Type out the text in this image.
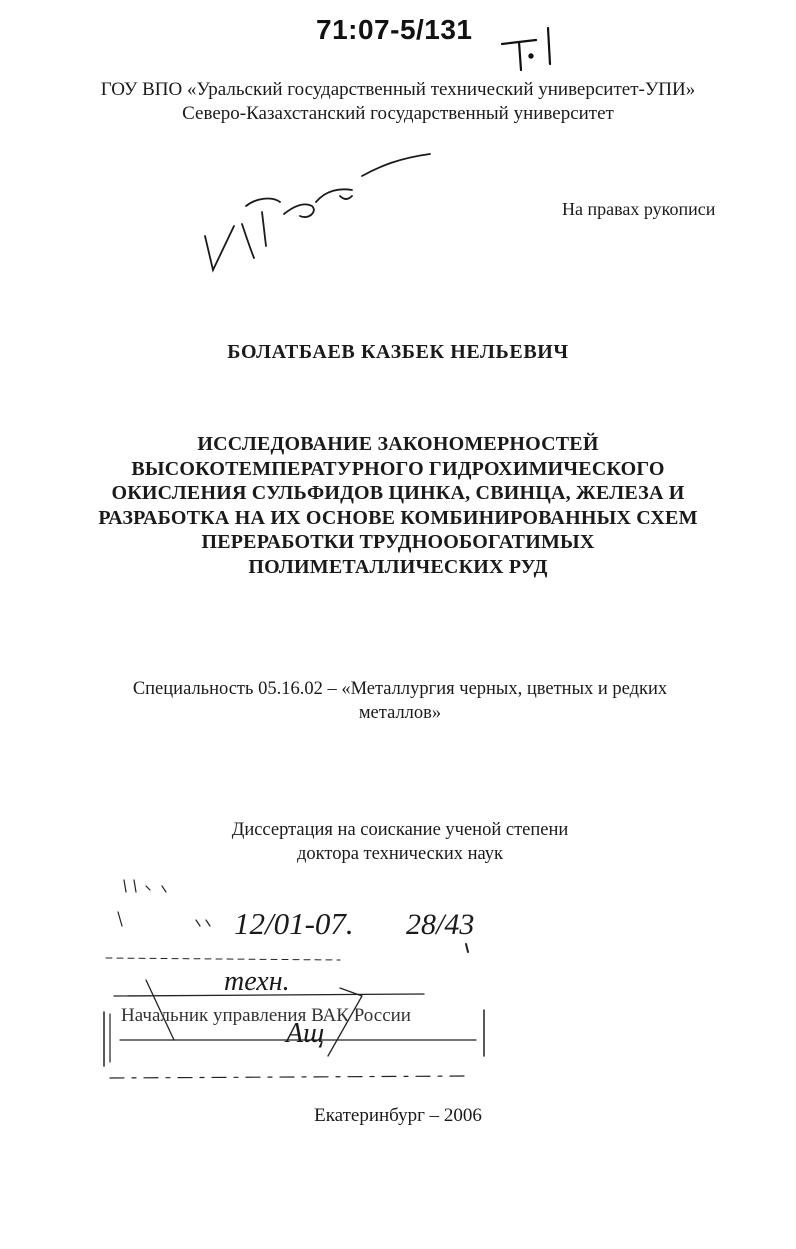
71:07-5/131
ГОУ ВПО «Уральский государственный технический университет-УПИ»
Северо-Казахстанский государственный университет
На правах рукописи
БОЛАТБАЕВ КАЗБЕК НЕЛЬЕВИЧ
ИССЛЕДОВАНИЕ ЗАКОНОМЕРНОСТЕЙ
ВЫСОКОТЕМПЕРАТУРНОГО ГИДРОХИМИЧЕСКОГО
ОКИСЛЕНИЯ СУЛЬФИДОВ ЦИНКА, СВИНЦА, ЖЕЛЕЗА И
РАЗРАБОТКА НА ИХ ОСНОВЕ КОМБИНИРОВАННЫХ СХЕМ
ПЕРЕРАБОТКИ ТРУДНООБОГАТИМЫХ
ПОЛИМЕТАЛЛИЧЕСКИХ РУД
Специальность 05.16.02 – «Металлургия черных, цветных и редких
металлов»
Диссертация на соискание ученой степени
доктора технических наук
12/01-07. 28/43
техн.
Aщ
Начальник управления ВАК России
Екатеринбург – 2006
